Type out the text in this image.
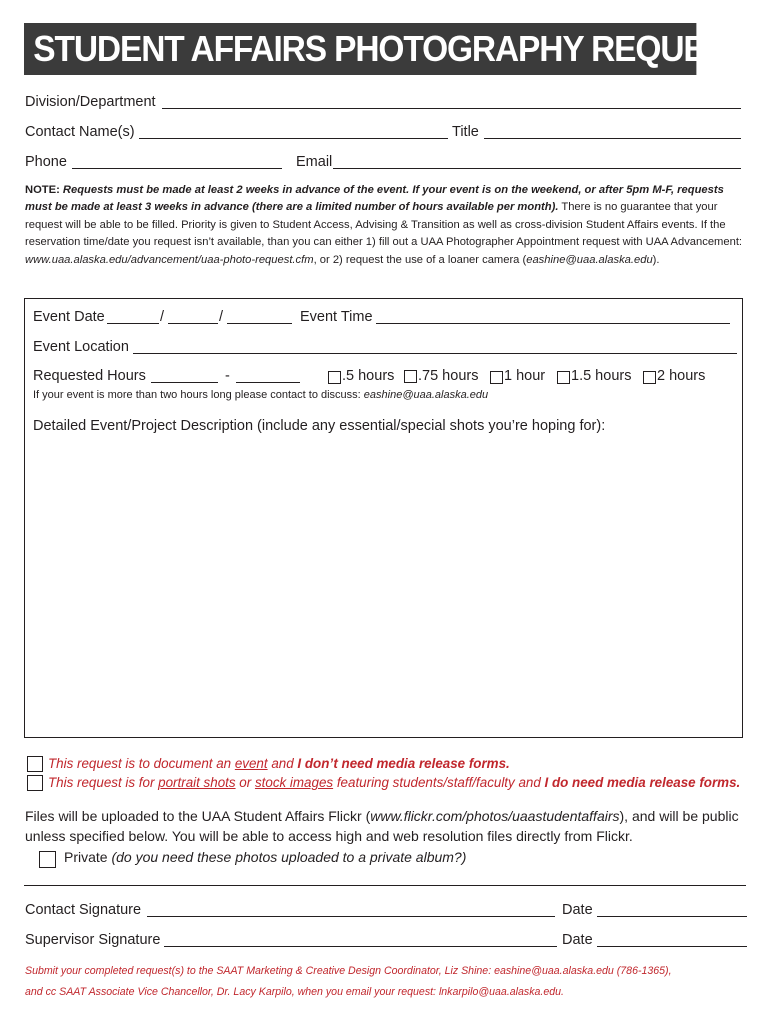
STUDENT AFFAIRS PHOTOGRAPHY REQUEST
Division/Department
Contact Name(s)	Title
Phone	Email
NOTE: Requests must be made at least 2 weeks in advance of the event. If your event is on the weekend, or after 5pm M-F, requests must be made at least 3 weeks in advance (there are a limited number of hours available per month). There is no guarantee that your request will be able to be filled. Priority is given to Student Access, Advising & Transition as well as cross-division Student Affairs events. If the reservation time/date you request isn’t available, than you can either 1) fill out a UAA Photographer Appointment request with UAA Advancement: www.uaa.alaska.edu/advancement/uaa-photo-request.cfm, or 2) request the use of a loaner camera (eashine@uaa.alaska.edu).
Event Date	/	/	Event Time
Event Location
Requested Hours	-	.5 hours .75 hours 1 hour 1.5 hours 2 hours
If your event is more than two hours long please contact to discuss: eashine@uaa.alaska.edu
Detailed Event/Project Description (include any essential/special shots you’re hoping for):
This request is to document an event and I don’t need media release forms.
This request is for portrait shots or stock images featuring students/staff/faculty and I do need media release forms.
Files will be uploaded to the UAA Student Affairs Flickr (www.flickr.com/photos/uaastudentaffairs), and will be public unless specified below. You will be able to access high and web resolution files directly from Flickr.
Private (do you need these photos uploaded to a private album?)
Contact Signature	Date
Supervisor Signature	Date
Submit your completed request(s) to the SAAT Marketing & Creative Design Coordinator, Liz Shine: eashine@uaa.alaska.edu (786-1365),
and cc SAAT Associate Vice Chancellor, Dr. Lacy Karpilo, when you email your request: lnkarpilo@uaa.alaska.edu.
